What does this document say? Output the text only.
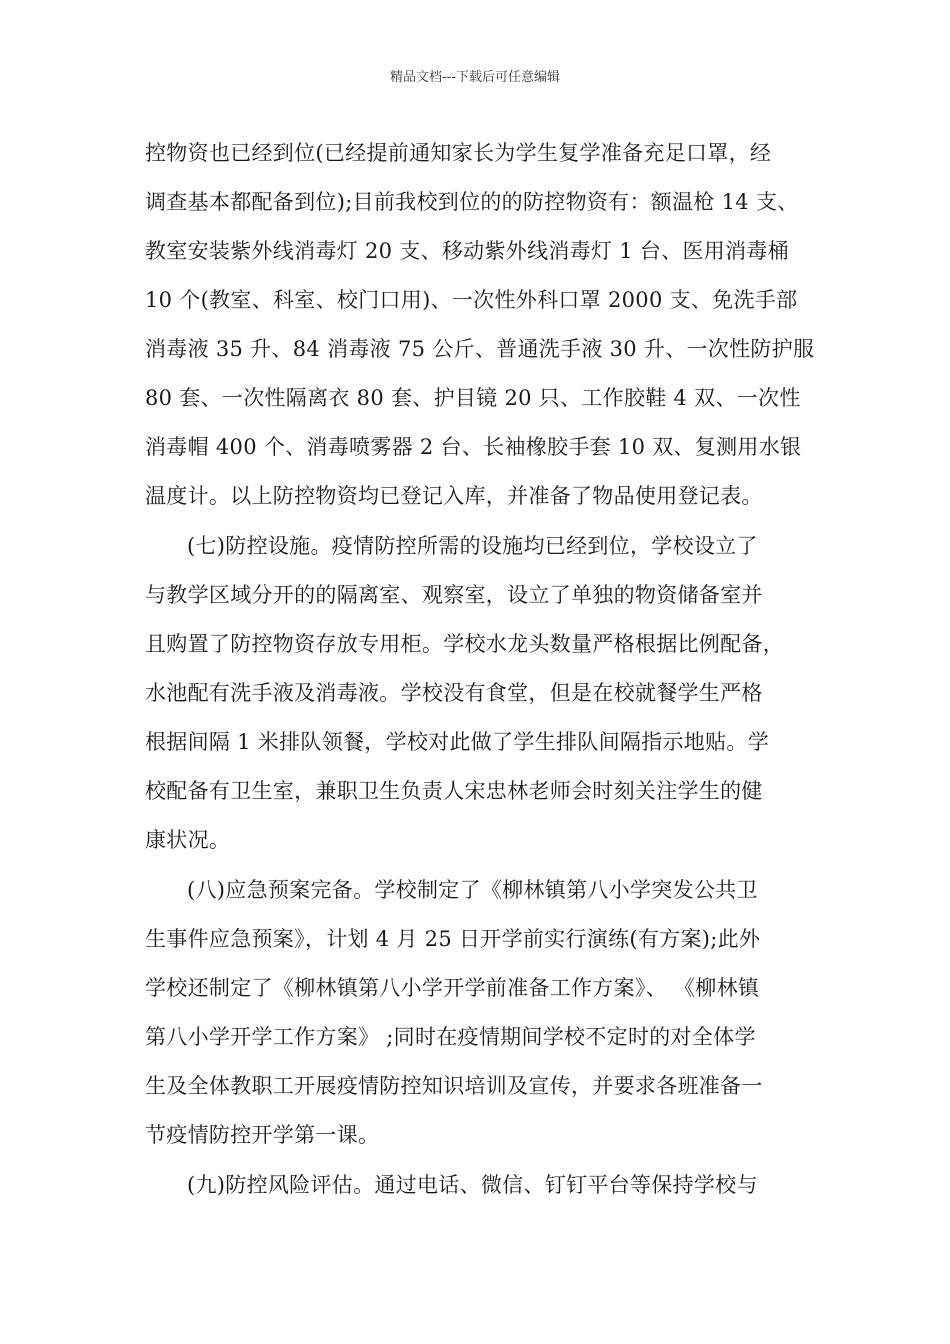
精品文档---下载后可任意编辑
控物资也已经到位(已经提前通知家长为学生复学准备充足口罩，经
调查基本都配备到位);目前我校到位的的防控物资有：额温枪 14 支、
教室安装紫外线消毒灯 20 支、移动紫外线消毒灯 1 台、医用消毒桶
10 个(教室、科室、校门口用)、一次性外科口罩 2000 支、免洗手部
消毒液 35 升、84 消毒液 75 公斤、普通洗手液 30 升、一次性防护服
80 套、一次性隔离衣 80 套、护目镜 20 只、工作胶鞋 4 双、一次性
消毒帽 400 个、消毒喷雾器 2 台、长袖橡胶手套 10 双、复测用水银
温度计。以上防控物资均已登记入库，并准备了物品使用登记表。
(七)防控设施。疫情防控所需的设施均已经到位，学校设立了
与教学区域分开的的隔离室、观察室，设立了单独的物资储备室并
且购置了防控物资存放专用柜。学校水龙头数量严格根据比例配备，
水池配有洗手液及消毒液。学校没有食堂，但是在校就餐学生严格
根据间隔 1 米排队领餐，学校对此做了学生排队间隔指示地贴。学
校配备有卫生室，兼职卫生负责人宋忠林老师会时刻关注学生的健
康状况。
(八)应急预案完备。学校制定了《柳林镇第八小学突发公共卫
生事件应急预案》，计划 4 月 25 日开学前实行演练(有方案);此外
学校还制定了《柳林镇第八小学开学前准备工作方案》、 《柳林镇
第八小学开学工作方案》 ;同时在疫情期间学校不定时的对全体学
生及全体教职工开展疫情防控知识培训及宣传，并要求各班准备一
节疫情防控开学第一课。
(九)防控风险评估。通过电话、微信、钉钉平台等保持学校与
